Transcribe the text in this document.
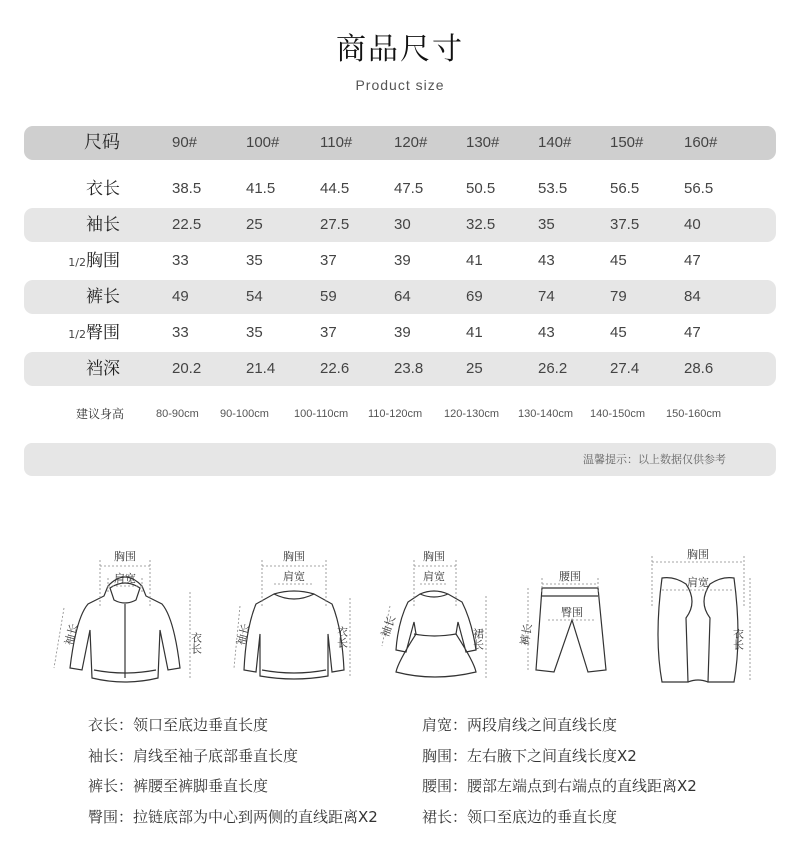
商品尺寸
Product size
尺码	90#	100#	110#	120#	130#	140#	150#	160#
衣长	38.5	41.5	44.5	47.5	50.5	53.5	56.5	56.5
袖长	22.5	25	27.5	30	32.5	35	37.5	40
1/2胸围	33	35	37	39	41	43	45	47
裤长	49	54	59	64	69	74	79	84
1/2臀围	33	35	37	39	41	43	45	47
裆深	20.2	21.4	22.6	23.8	25	26.2	27.4	28.6
建议身高	80-90cm 90-100cm 100-110cm 110-120cm 120-130cm 130-140cm 140-150cm 150-160cm
温馨提示：以上数据仅供参考
胸围
肩宽
袖长	衣长
胸围
肩宽
袖长	衣长
胸围
肩宽
袖长	裙长
腰围
臀围
裤长
胸围
肩宽
衣长
衣长：领口至底边垂直长度
袖长：肩线至袖子底部垂直长度
裤长：裤腰至裤脚垂直长度
臀围：拉链底部为中心到两侧的直线距离X2
肩宽：两段肩线之间直线长度
胸围：左右腋下之间直线长度X2
腰围：腰部左端点到右端点的直线距离X2
裙长：领口至底边的垂直长度
